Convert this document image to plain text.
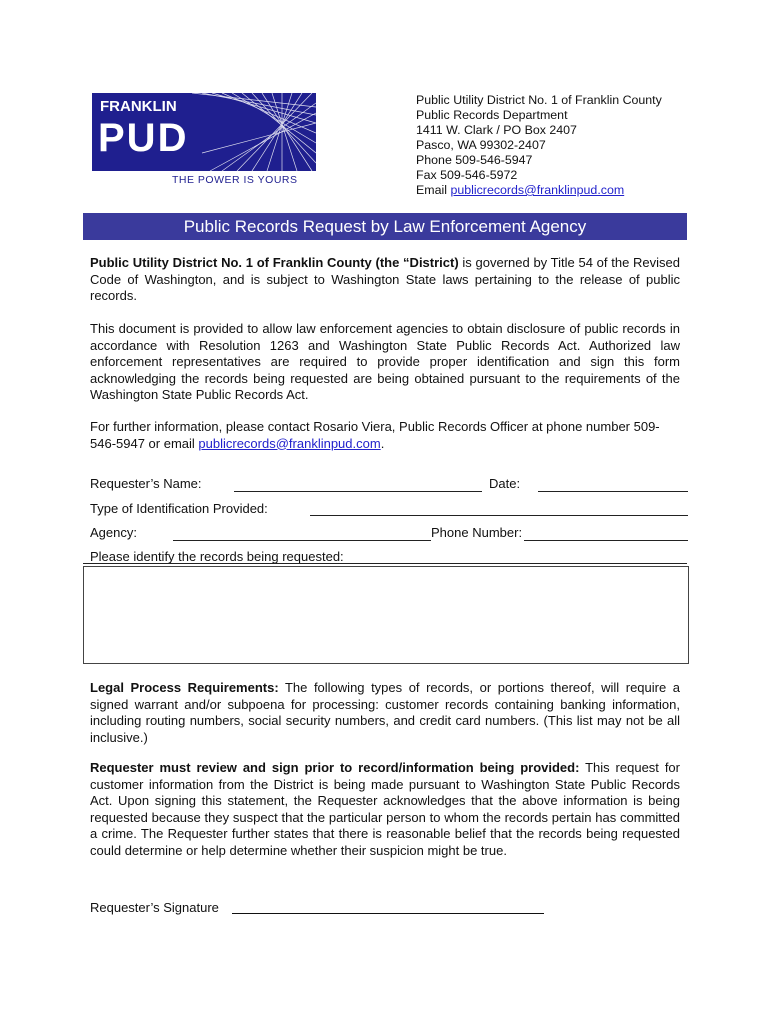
FRANKLIN
PUD
THE POWER IS YOURS
Public Utility District No. 1 of Franklin County
Public Records Department
1411 W. Clark / PO Box 2407
Pasco, WA 99302-2407
Phone 509-546-5947
Fax 509-546-5972
Email publicrecords@franklinpud.com
Public Records Request by Law Enforcement Agency
Public Utility District No. 1 of Franklin County (the “District) is governed by Title 54 of the Revised Code of Washington, and is subject to Washington State laws pertaining to the release of public records.
This document is provided to allow law enforcement agencies to obtain disclosure of public records in accordance with Resolution 1263 and Washington State Public Records Act. Authorized law enforcement representatives are required to provide proper identification and sign this form acknowledging the records being requested are being obtained pursuant to the requirements of the Washington State Public Records Act.
For further information, please contact Rosario Viera, Public Records Officer at phone number 509-546-5947 or email publicrecords@franklinpud.com.
Requester’s Name:	Date:
Type of Identification Provided:
Agency:	Phone Number:
Please identify the records being requested:
Legal Process Requirements: The following types of records, or portions thereof, will require a signed warrant and/or subpoena for processing: customer records containing banking information, including routing numbers, social security numbers, and credit card numbers. (This list may not be all inclusive.)
Requester must review and sign prior to record/information being provided: This request for customer information from the District is being made pursuant to Washington State Public Records Act. Upon signing this statement, the Requester acknowledges that the above information is being requested because they suspect that the particular person to whom the records pertain has committed a crime. The Requester further states that there is reasonable belief that the records being requested could determine or help determine whether their suspicion might be true.
Requester’s Signature
